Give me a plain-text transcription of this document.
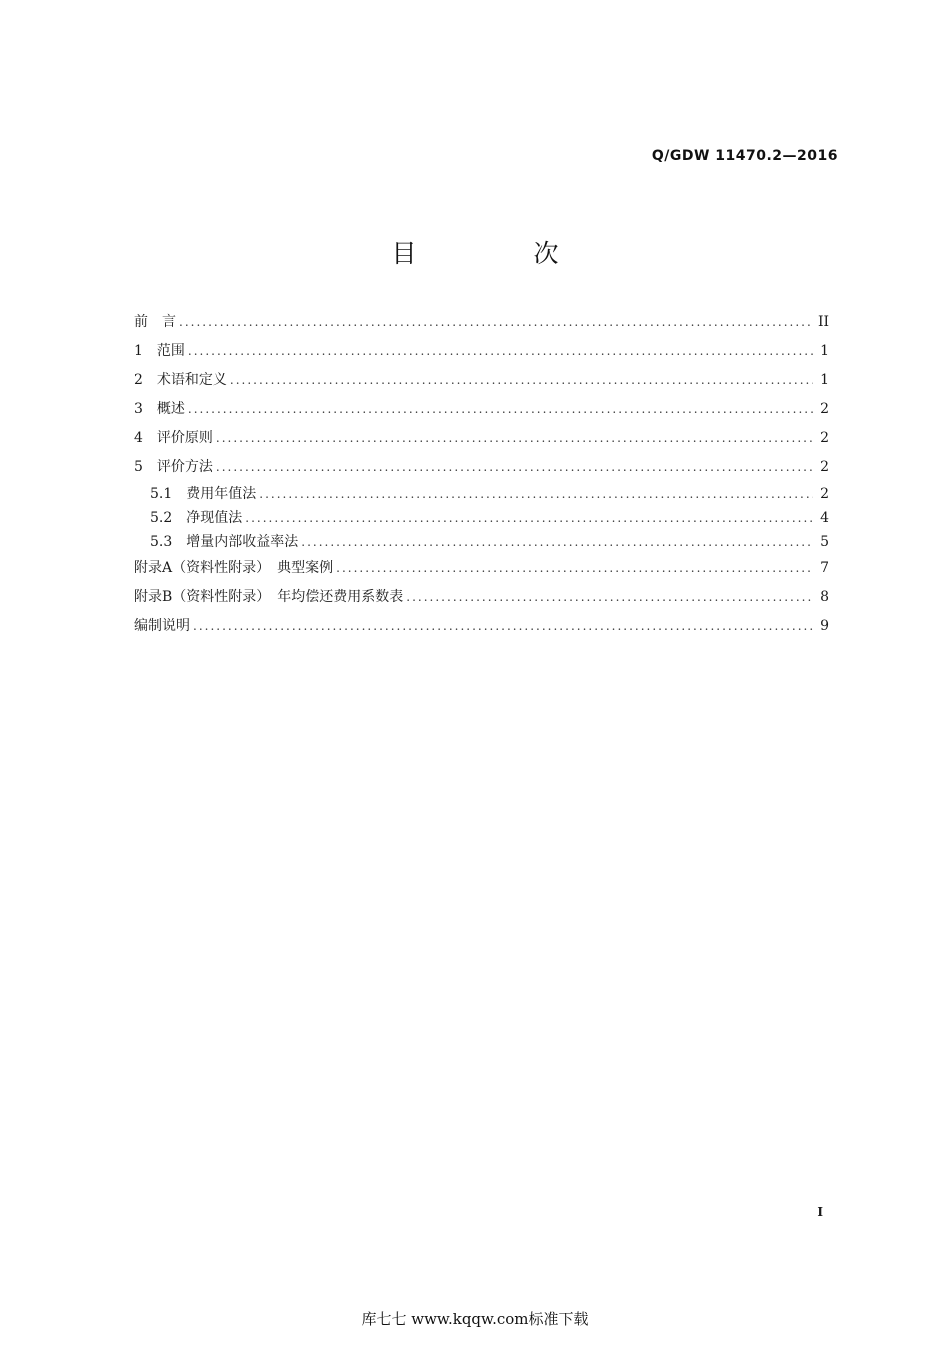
Q/GDW 11470.2—2016
目　次
前　言 .....	II
1　范围 .....	1
2　术语和定义 .....	1
3　概述 .....	2
4　评价原则 .....	2
5　评价方法 .....	2
5.1　费用年值法 .....	2
5.2　净现值法 .....	4
5.3　增量内部收益率法 .....	5
附录A（资料性附录）　典型案例 .....	7
附录B（资料性附录）　年均偿还费用系数表 .....	8
编制说明 .....	9
I
库七七 www.kqqw.com标准下载
